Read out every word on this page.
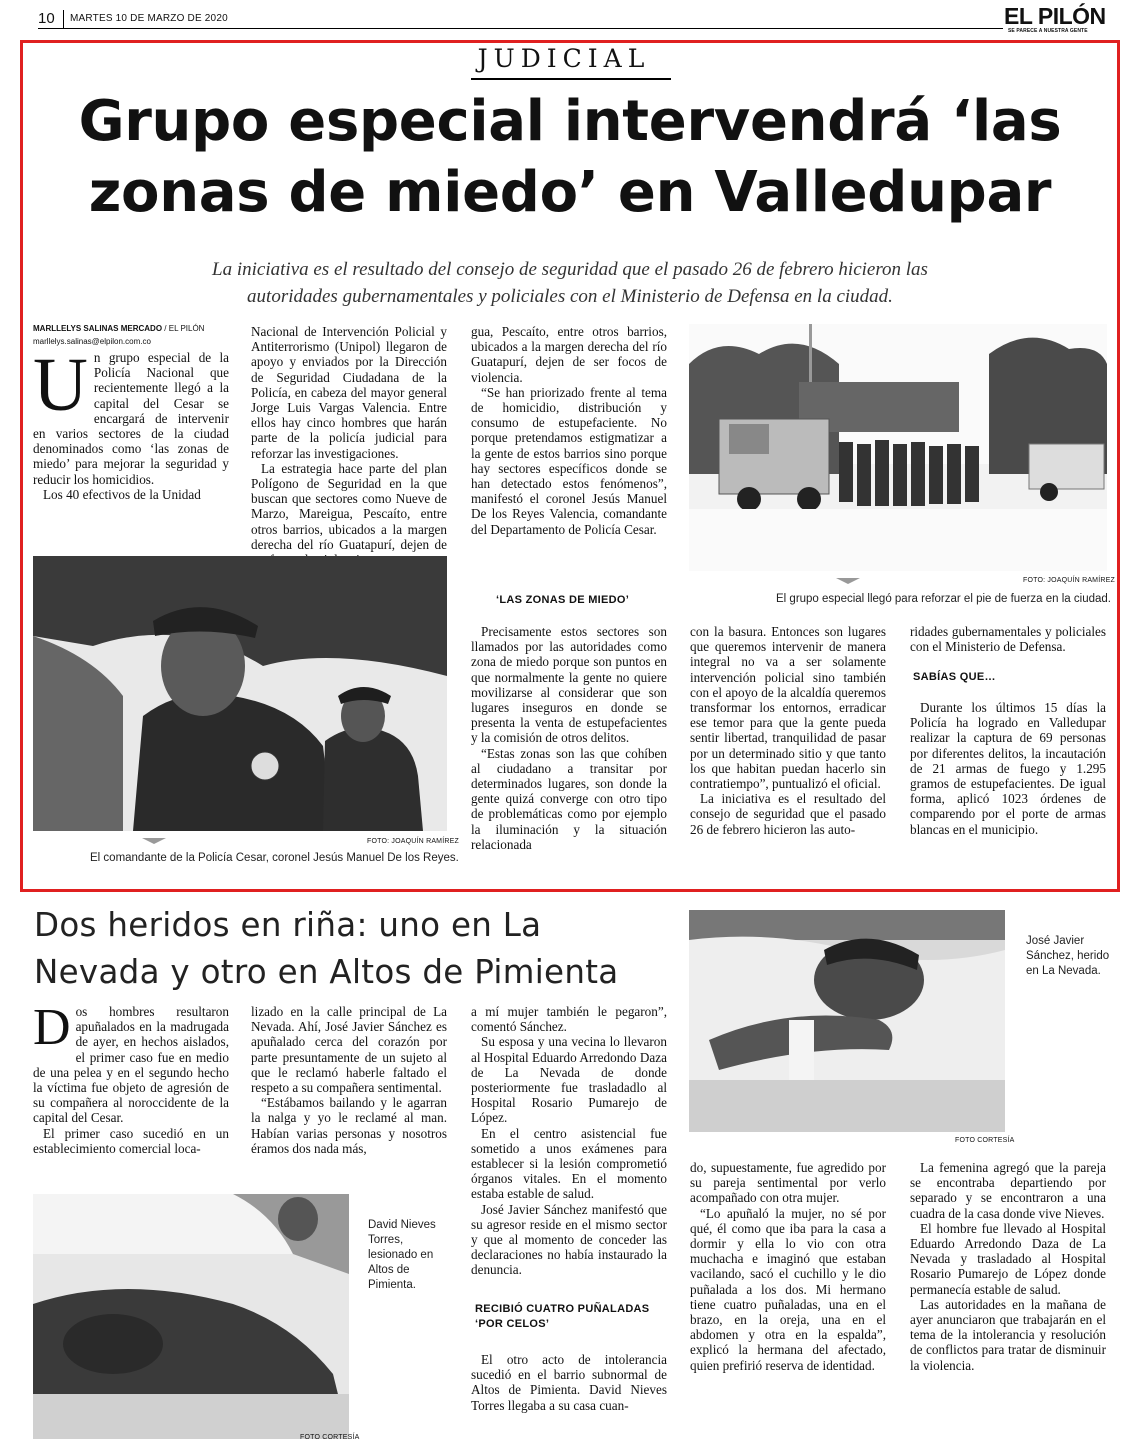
10 MARTES 10 DE MARZO DE 2020	EL PILÓN
SE PARECE A NUESTRA GENTE
JUDICIAL
Grupo especial intervendrá ‘las
zonas de miedo’ en Valledupar
La iniciativa es el resultado del consejo de seguridad que el pasado 26 de febrero hicieron las
autoridades gubernamentales y policiales con el Ministerio de Defensa en la ciudad.
MARLLELYS SALINAS MERCADO / EL PILÓN
marllelys.salinas@elpilon.com.co
U n grupo especial de la Policía Nacional que recientemente llegó a la capital del Cesar se encargará de intervenir en varios sectores de la ciudad denominados como ‘las zonas de miedo’ para mejorar la seguridad y reducir los homicidios.

Los 40 efectivos de la Unidad

Nacional de Intervención Policial y Antiterrorismo (Unipol) llegaron de apoyo y enviados por la Dirección de Seguridad Ciudadana de la Policía, en cabeza del mayor general Jorge Luis Vargas Valencia. Entre ellos hay cinco hombres que harán parte de la policía judicial para reforzar las investigaciones.

La estrategia hace parte del plan Polígono de Seguridad en la que buscan que sectores como Nueve de Marzo, Mareigua, Pescaíto, entre otros barrios, ubicados a la margen derecha del río Guatapurí, dejen de

gua, Pescaíto, entre otros barrios, ubicados a la margen derecha del río Guatapurí, dejen de ser focos de violencia.

“Se han priorizado frente al tema de homicidio, distribución y consumo de estupefaciente. No porque pretendamos estigmatizar a la gente de estos barrios sino porque hay sectores específicos donde se han detectado estos fenómenos”, manifestó el coronel Jesús Manuel De los Reyes Valencia, comandante del Departamento de Policía Cesar.

‘LAS ZONAS DE MIEDO’

Precisamente estos sectores son llamados por las autoridades como zona de miedo porque son puntos en que normalmente la gente no quiere movilizarse al considerar que son lugares inseguros en donde se presenta la venta de estupefacientes y la comisión de otros delitos.

“Estas zonas son las que cohíben al ciudadano a transitar por determinados lugares, son donde la gente quizá converge con otro tipo de problemáticas como por ejemplo la iluminación y la situación relacionada

con la basura. Entonces son lugares que queremos intervenir de manera integral no va a ser solamente intervención policial sino también con el apoyo de la alcaldía queremos transformar los entornos, erradicar ese temor para que la gente pueda sentir libertad, tranquilidad de pasar por un determinado sitio y que tanto los que habitan puedan hacerlo sin contratiempo”, puntualizó el oficial.

La iniciativa es el resultado del consejo de seguridad que el pasado 26 de febrero hicieron las auto-

ridades gubernamentales y policiales con el Ministerio de Defensa.

SABÍAS QUE…

Durante los últimos 15 días la Policía ha logrado en Valledupar realizar la captura de 69 personas por diferentes delitos, la incautación de 21 armas de fuego y 1.295 gramos de estupefacientes. De igual forma, aplicó 1023 órdenes de comparendo por el porte de armas blancas en el municipio.

FOTO: JOAQUÍN RAMÍREZ
El grupo especial llegó para reforzar el pie de fuerza en la ciudad.
FOTO: JOAQUÍN RAMÍREZ
El comandante de la Policía Cesar, coronel Jesús Manuel De los Reyes.
Dos heridos en riña: uno en La
Nevada y otro en Altos de Pimienta
D os hombres resultaron apuñalados en la madrugada de ayer, en hechos aislados, el primer caso fue en medio de una pelea y en el segundo hecho la víctima fue objeto de agresión de su compañera al noroccidente de la capital del Cesar.

El primer caso sucedió en un establecimiento comercial loca-

lizado en la calle principal de La Nevada. Ahí, José Javier Sánchez es apuñalado cerca del corazón por parte presuntamente de un sujeto al que le reclamó haberle faltado el respeto a su compañera sentimental.

“Estábamos bailando y le agarran la nalga y yo le reclamé al man. Habían varias personas y nosotros éramos dos nada más,

a mí mujer también le pegaron”, comentó Sánchez.

Su esposa y una vecina lo llevaron al Hospital Eduardo Arredondo Daza de La Nevada de donde posteriormente fue trasladadlo al Hospital Rosario Pumarejo de López.

En el centro asistencial fue sometido a unos exámenes para establecer si la lesión comprometió órganos vitales. En el momento estaba estable de salud.

José Javier Sánchez manifestó que su agresor reside en el mismo sector y que al momento de conceder las declaraciones no había instaurado la denuncia.

RECIBIÓ CUATRO PUÑALADAS ‘POR CELOS’

El otro acto de intolerancia sucedió en el barrio subnormal de Altos de Pimienta. David Nieves Torres llegaba a su casa cuan-

do, supuestamente, fue agredido por su pareja sentimental por verlo acompañado con otra mujer.

“Lo apuñaló la mujer, no sé por qué, él como que iba para la casa a dormir y ella lo vio con otra muchacha e imaginó que estaban vacilando, sacó el cuchillo y le dio puñalada a los dos. Mi hermano tiene cuatro puñaladas, una en el brazo, en la oreja, una en el abdomen y otra en la espalda”, explicó la hermana del afectado, quien prefirió reserva de identidad.

La femenina agregó que la pareja se encontraba departiendo por separado y se encontraron a una cuadra de la casa donde vive Nieves.

El hombre fue llevado al Hospital Eduardo Arredondo Daza de La Nevada y trasladado al Hospital Rosario Pumarejo de López donde permanecía estable de salud.

Las autoridades en la mañana de ayer anunciaron que trabajarán en el tema de la intolerancia y resolución de conflictos para tratar de disminuir la violencia.

José Javier Sánchez, herido en La Nevada.
FOTO CORTESÍA
David Nieves Torres, lesionado en Altos de Pimienta.
FOTO CORTESÍA
